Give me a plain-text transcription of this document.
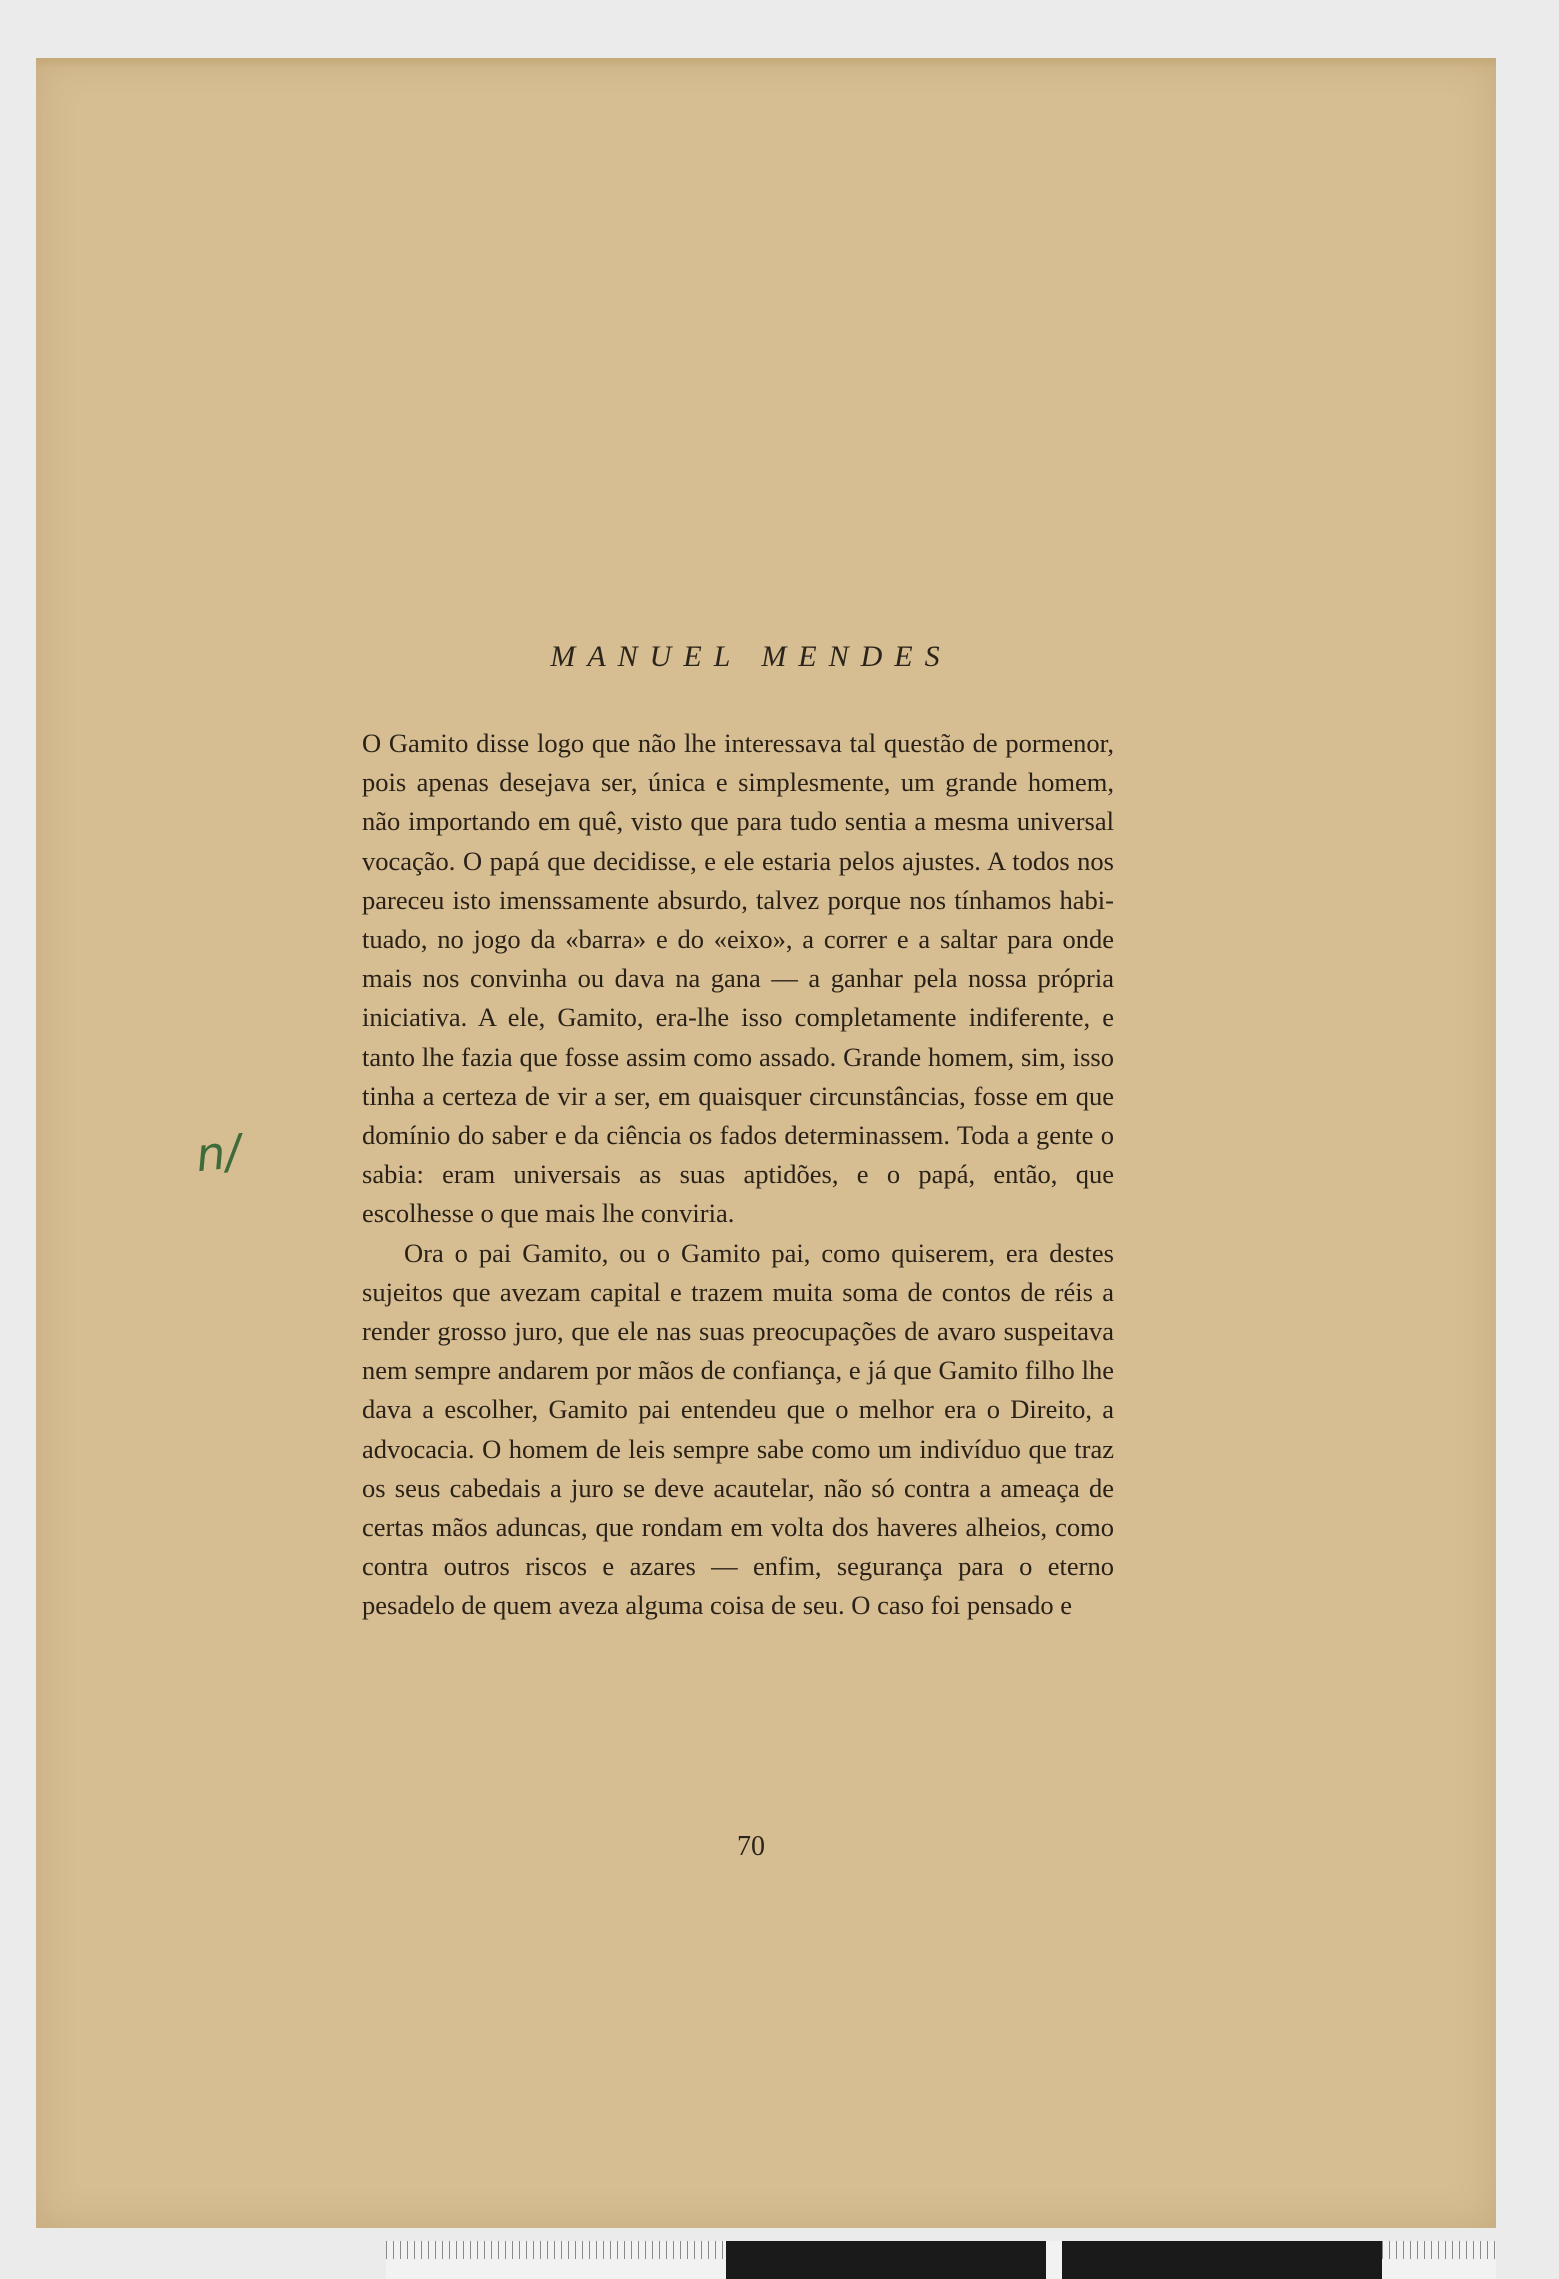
MANUEL MENDES

O Gamito disse logo que não lhe interessava tal questão de pormenor, pois apenas desejava ser, única e simplesmente, um grande homem, não importando em quê, visto que para tudo sentia a mesma universal vocação. O papá que decidisse, e ele estaria pelos ajustes. A todos nos pareceu isto imenssamente absurdo, talvez porque nos tínhamos habituado, no jogo da «barra» e do «eixo», a correr e a saltar para onde mais nos convinha ou dava na gana — a ganhar pela nossa própria iniciativa. A ele, Gamito, era-lhe isso completamente indiferente, e tanto lhe fazia que fosse assim como assado. Grande homem, sim, isso tinha a certeza de vir a ser, em quaisquer circunstâncias, fosse em que domínio do saber e da ciência os fados determinassem. Toda a gente o sabia: eram universais as suas aptidões, e o papá, então, que escolhesse o que mais lhe conviria.

Ora o pai Gamito, ou o Gamito pai, como quiserem, era destes sujeitos que avezam capital e trazem muita soma de contos de réis a render grosso juro, que ele nas suas preocupações de avaro suspeitava nem sempre andarem por mãos de confiança, e já que Gamito filho lhe dava a escolher, Gamito pai entendeu que o melhor era o Direito, a advocacia. O homem de leis sempre sabe como um indivíduo que traz os seus cabedais a juro se deve acautelar, não só contra a ameaça de certas mãos aduncas, que rondam em volta dos haveres alheios, como contra outros riscos e azares — enfim, segurança para o eterno pesadelo de quem aveza alguma coisa de seu. O caso foi pensado e

70
n/
